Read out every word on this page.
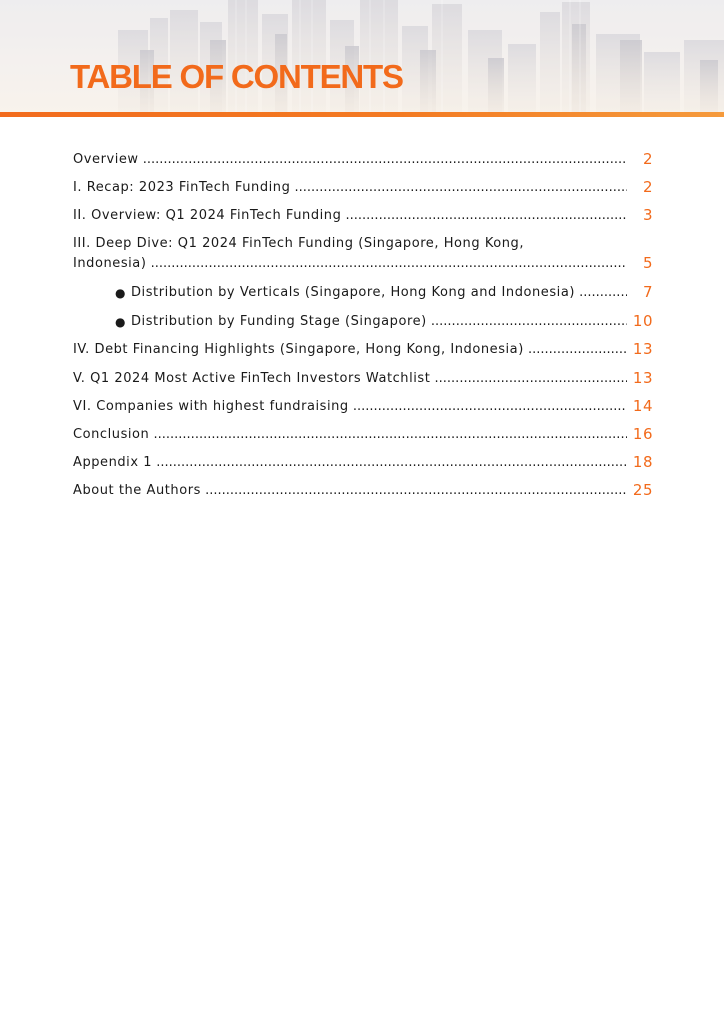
TABLE OF CONTENTS
Overview .....	2
I. Recap: 2023 FinTech Funding .....	2
II. Overview: Q1 2024 FinTech Funding .....	3
III. Deep Dive: Q1 2024 FinTech Funding (Singapore, Hong Kong,
Indonesia) .....	5
● Distribution by Verticals (Singapore, Hong Kong and Indonesia) .....	7
● Distribution by Funding Stage (Singapore) .....	10
IV. Debt Financing Highlights (Singapore, Hong Kong, Indonesia) .....	13
V. Q1 2024 Most Active FinTech Investors Watchlist .....	13
VI. Companies with highest fundraising .....	14
Conclusion .....	16
Appendix 1 .....	18
About the Authors .....	25
